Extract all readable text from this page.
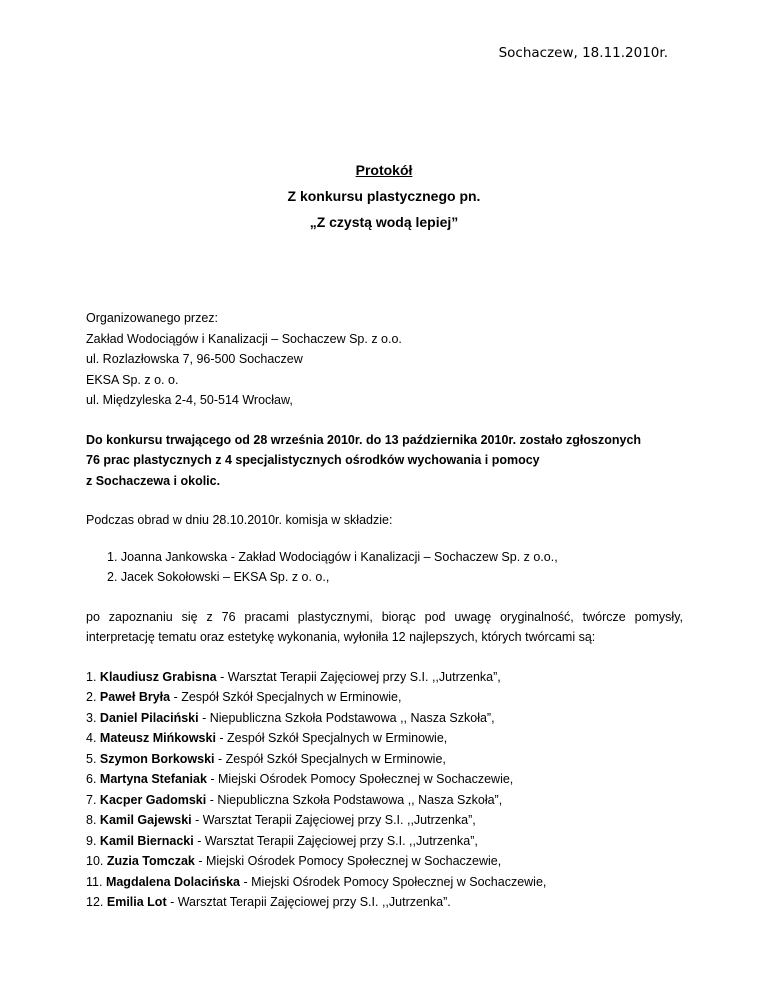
Sochaczew, 18.11.2010r.
Protokół
Z konkursu plastycznego pn.
„Z czystą wodą lepiej”

Organizowanego przez:

Zakład Wodociągów i Kanalizacji – Sochaczew Sp. z o.o.

ul. Rozlazłowska 7, 96-500 Sochaczew

EKSA Sp. z o. o.

ul. Międzyleska 2-4, 50-514 Wrocław,

Do konkursu trwającego od 28 września 2010r. do 13 października 2010r. zostało zgłoszonych

76 prac plastycznych z 4 specjalistycznych ośrodków wychowania i pomocy

z Sochaczewa i okolic.

Podczas obrad w dniu 28.10.2010r. komisja w składzie:

1. Joanna Jankowska - Zakład Wodociągów i Kanalizacji – Sochaczew Sp. z o.o.,

2. Jacek Sokołowski – EKSA Sp. z o. o.,

po zapoznaniu się z 76 pracami plastycznymi, biorąc pod uwagę oryginalność, twórcze pomysły,

interpretację tematu oraz estetykę wykonania, wyłoniła 12 najlepszych, których twórcami są:

1. Klaudiusz Grabisna - Warsztat Terapii Zajęciowej przy S.I. ,,Jutrzenka”,

2. Paweł Bryła - Zespół Szkół Specjalnych w Erminowie,

3. Daniel Pilaciński - Niepubliczna Szkoła Podstawowa ,, Nasza Szkoła”,

4. Mateusz Mińkowski - Zespół Szkół Specjalnych w Erminowie,

5. Szymon Borkowski - Zespół Szkół Specjalnych w Erminowie,

6. Martyna Stefaniak - Miejski Ośrodek Pomocy Społecznej w Sochaczewie,

7. Kacper Gadomski - Niepubliczna Szkoła Podstawowa ,, Nasza Szkoła”,

8. Kamil Gajewski - Warsztat Terapii Zajęciowej przy S.I. ,,Jutrzenka”,

9. Kamil Biernacki - Warsztat Terapii Zajęciowej przy S.I. ,,Jutrzenka”,

10. Zuzia Tomczak - Miejski Ośrodek Pomocy Społecznej w Sochaczewie,

11. Magdalena Dolacińska - Miejski Ośrodek Pomocy Społecznej w Sochaczewie,

12. Emilia Lot - Warsztat Terapii Zajęciowej przy S.I. ,,Jutrzenka”.
